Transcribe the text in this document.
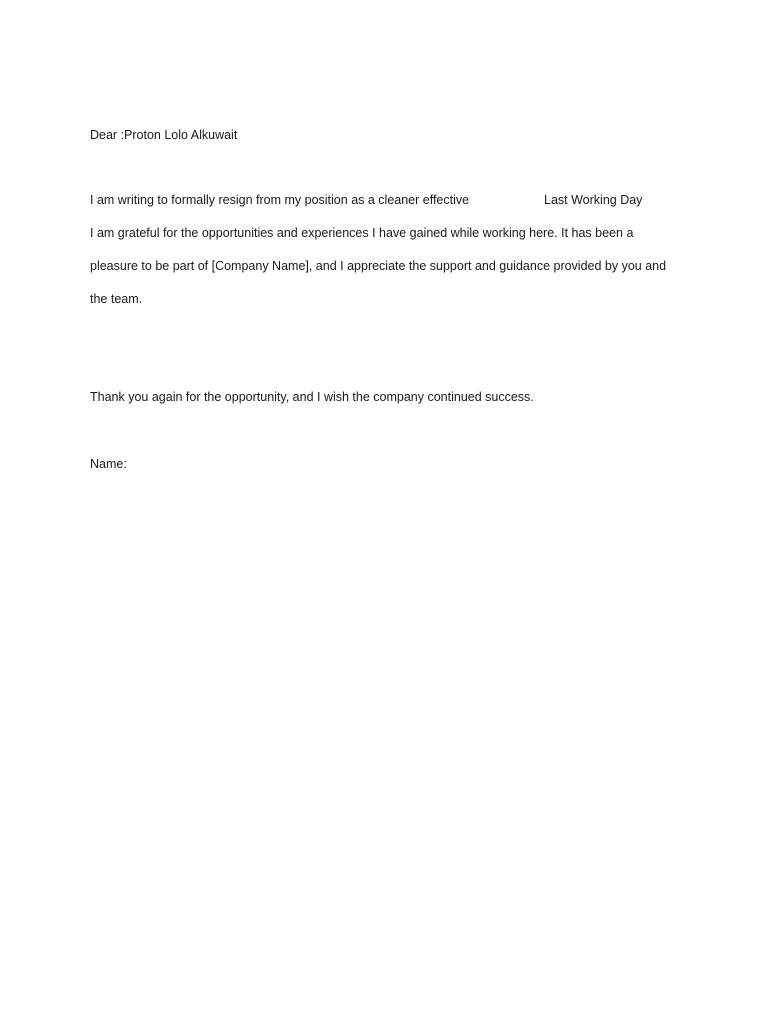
Dear :Proton Lolo Alkuwait
I am writing to formally resign from my position as a cleaner effective	Last Working Day
I am grateful for the opportunities and experiences I have gained while working here. It has been a
pleasure to be part of [Company Name], and I appreciate the support and guidance provided by you and
the team.
Thank you again for the opportunity, and I wish the company continued success.
Name:
